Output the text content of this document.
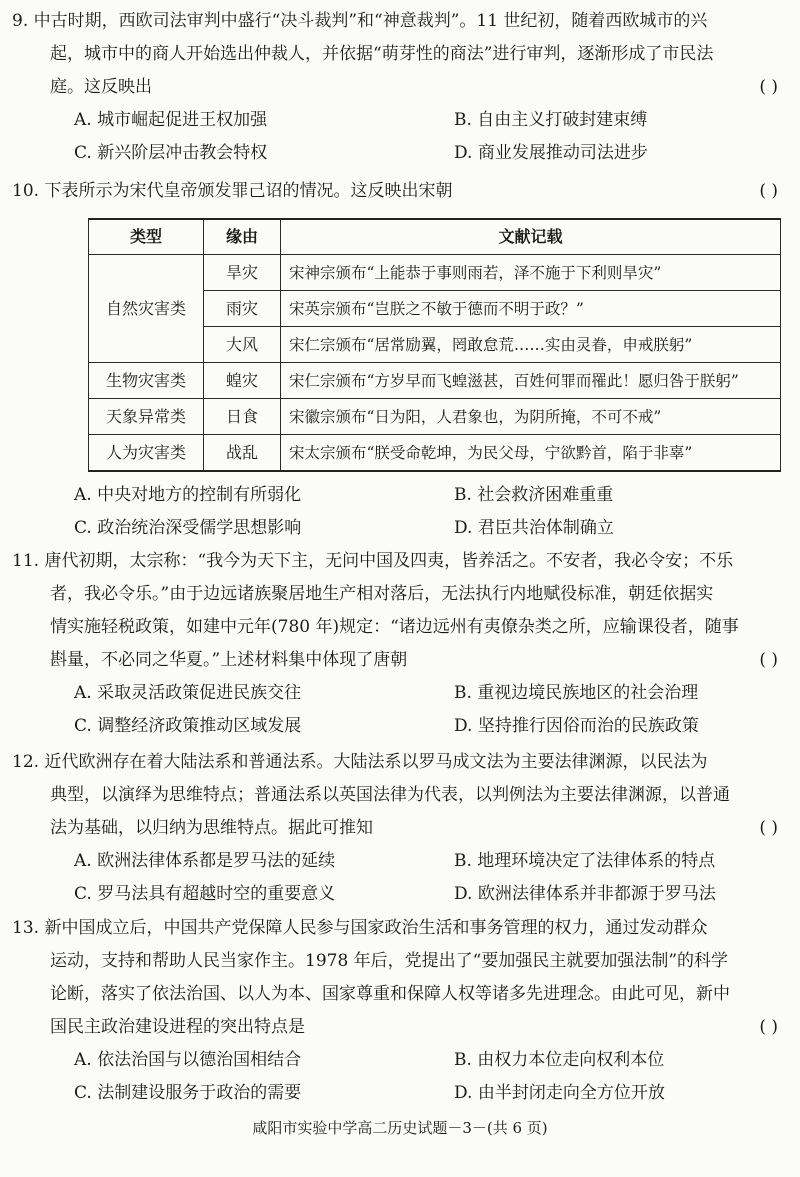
9. 中古时期，西欧司法审判中盛行“决斗裁判”和“神意裁判”。11 世纪初，随着西欧城市的兴
起，城市中的商人开始选出仲裁人，并依据“萌芽性的商法”进行审判，逐渐形成了市民法
庭。这反映出	( )
A. 城市崛起促进王权加强	B. 自由主义打破封建束缚
C. 新兴阶层冲击教会特权	D. 商业发展推动司法进步
10. 下表所示为宋代皇帝颁发罪己诏的情况。这反映出宋朝	( )
类型	缘由	文献记载
自然灾害类	旱灾	宋神宗颁布“上能恭于事则雨若，泽不施于下利则旱灾”
	雨灾	宋英宗颁布“岂朕之不敏于德而不明于政？”
	大风	宋仁宗颁布“居常励翼，罔敢怠荒……实由灵眷，申戒朕躬”
生物灾害类	蝗灾	宋仁宗颁布“方岁早而飞蝗滋甚，百姓何罪而罹此！愿归咎于朕躬”
天象异常类	日食	宋徽宗颁布“日为阳，人君象也，为阴所掩，不可不戒”
人为灾害类	战乱	宋太宗颁布“朕受命乾坤，为民父母，宁欲黔首，陷于非辜”
A. 中央对地方的控制有所弱化	B. 社会救济困难重重
C. 政治统治深受儒学思想影响	D. 君臣共治体制确立
11. 唐代初期，太宗称：“我今为天下主，无问中国及四夷，皆养活之。不安者，我必令安；不乐
者，我必令乐。”由于边远诸族聚居地生产相对落后，无法执行内地赋役标准，朝廷依据实
情实施轻税政策，如建中元年(780 年)规定：“诸边远州有夷僚杂类之所，应输课役者，随事
斟量，不必同之华夏。”上述材料集中体现了唐朝	( )
A. 采取灵活政策促进民族交往	B. 重视边境民族地区的社会治理
C. 调整经济政策推动区域发展	D. 坚持推行因俗而治的民族政策
12. 近代欧洲存在着大陆法系和普通法系。大陆法系以罗马成文法为主要法律渊源，以民法为
典型，以演绎为思维特点；普通法系以英国法律为代表，以判例法为主要法律渊源，以普通
法为基础，以归纳为思维特点。据此可推知	( )
A. 欧洲法律体系都是罗马法的延续	B. 地理环境决定了法律体系的特点
C. 罗马法具有超越时空的重要意义	D. 欧洲法律体系并非都源于罗马法
13. 新中国成立后，中国共产党保障人民参与国家政治生活和事务管理的权力，通过发动群众
运动，支持和帮助人民当家作主。1978 年后，党提出了“要加强民主就要加强法制”的科学
论断，落实了依法治国、以人为本、国家尊重和保障人权等诸多先进理念。由此可见，新中
国民主政治建设进程的突出特点是	( )
A. 依法治国与以德治国相结合	B. 由权力本位走向权利本位
C. 法制建设服务于政治的需要	D. 由半封闭走向全方位开放
咸阳市实验中学高二历史试题－3－(共 6 页)
